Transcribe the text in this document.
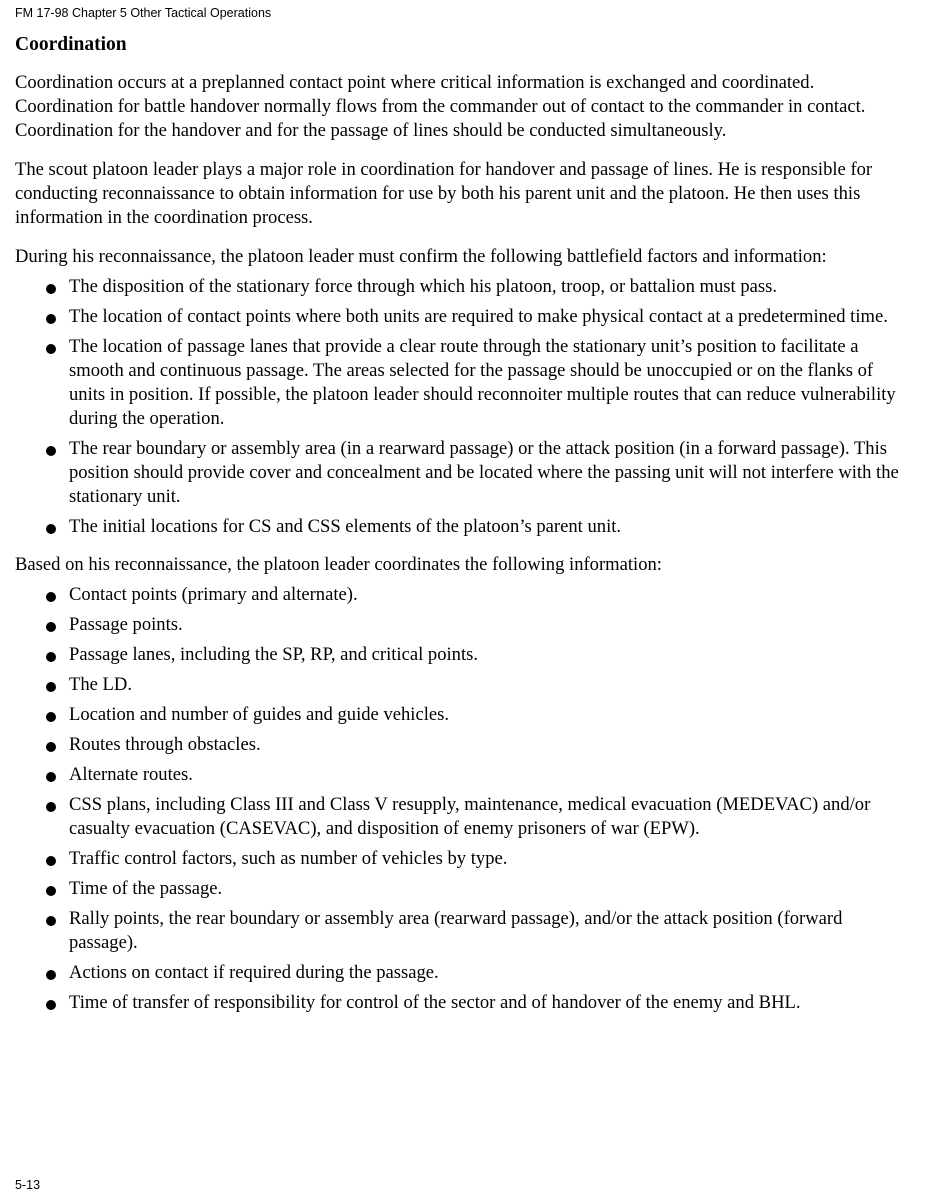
FM 17-98 Chapter 5 Other Tactical Operations
Coordination

Coordination occurs at a preplanned contact point where critical information is exchanged and coordinated. Coordination for battle handover normally flows from the commander out of contact to the commander in contact. Coordination for the handover and for the passage of lines should be conducted simultaneously.

The scout platoon leader plays a major role in coordination for handover and passage of lines. He is responsible for conducting reconnaissance to obtain information for use by both his parent unit and the platoon. He then uses this information in the coordination process.

During his reconnaissance, the platoon leader must confirm the following battlefield factors and information:

The disposition of the stationary force through which his platoon, troop, or battalion must pass.
The location of contact points where both units are required to make physical contact at a predetermined time.
The location of passage lanes that provide a clear route through the stationary unit’s position to facilitate a smooth and continuous passage. The areas selected for the passage should be unoccupied or on the flanks of units in position. If possible, the platoon leader should reconnoiter multiple routes that can reduce vulnerability during the operation.
The rear boundary or assembly area (in a rearward passage) or the attack position (in a forward passage). This position should provide cover and concealment and be located where the passing unit will not interfere with the stationary unit.
The initial locations for CS and CSS elements of the platoon’s parent unit.

Based on his reconnaissance, the platoon leader coordinates the following information:

Contact points (primary and alternate).
Passage points.
Passage lanes, including the SP, RP, and critical points.
The LD.
Location and number of guides and guide vehicles.
Routes through obstacles.
Alternate routes.
CSS plans, including Class III and Class V resupply, maintenance, medical evacuation (MEDEVAC) and/or casualty evacuation (CASEVAC), and disposition of enemy prisoners of war (EPW).
Traffic control factors, such as number of vehicles by type.
Time of the passage.
Rally points, the rear boundary or assembly area (rearward passage), and/or the attack position (forward passage).
Actions on contact if required during the passage.
Time of transfer of responsibility for control of the sector and of handover of the enemy and BHL.
5-13
